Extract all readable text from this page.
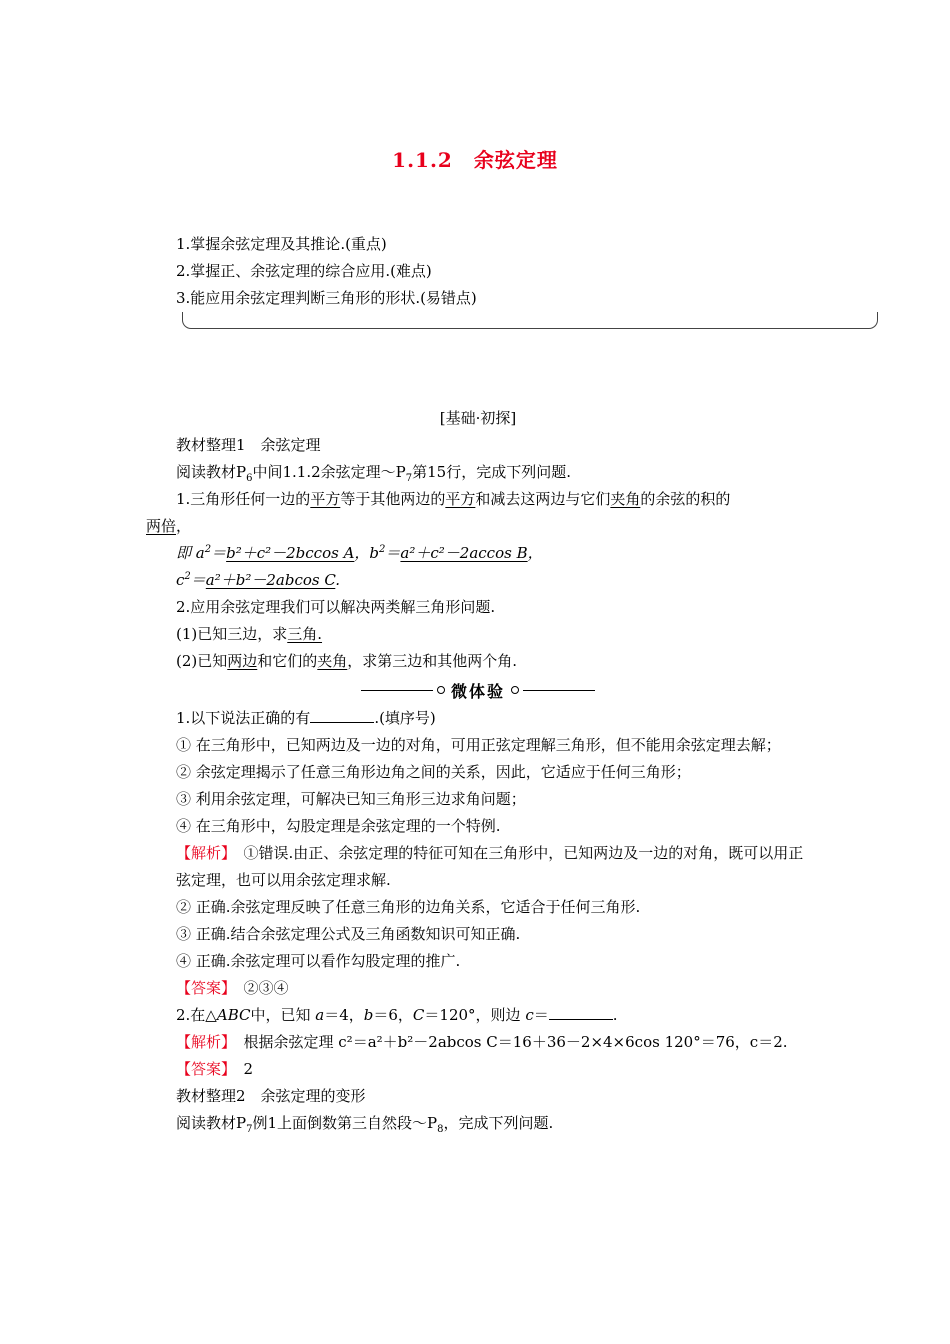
1.1.2　余弦定理
1.掌握余弦定理及其推论.(重点)
2.掌握正、余弦定理的综合应用.(难点)
3.能应用余弦定理判断三角形的形状.(易错点)
[基础·初探]
教材整理1　余弦定理
阅读教材$P_6$中间1.1.2余弦定理$\sim P_7$第15行，完成下列问题.
1.三角形任何一边的平方等于其他两边的平方和减去这两边与它们夹角的余弦的积的
两倍，
即 $a^2=b^2+c^2-2bccos$ A，$b^2=a^2+c^2-2accos$ B，
$c^2=a^2+b^2-2abcos$ C.
2.应用余弦定理我们可以解决两类解三角形问题.
(1)已知三边，求三角.
(2)已知两边和它们的夹角，求第三边和其他两个角.
微体验
1.以下说法正确的有	.(填序号)
① 在三角形中，已知两边及一边的对角，可用正弦定理解三角形，但不能用余弦定理去解；
② 余弦定理揭示了任意三角形边角之间的关系，因此，它适应于任何三角形；
③ 利用余弦定理，可解决已知三角形三边求角问题；
④ 在三角形中，勾股定理是余弦定理的一个特例.
【解析】　①错误.由正、余弦定理的特征可知在三角形中，已知两边及一边的对角，既可以用正弦定理，也可以用余弦定理求解.
② 正确.余弦定理反映了任意三角形的边角关系，它适合于任何三角形.
③ 正确.结合余弦定理公式及三角函数知识可知正确.
④ 正确.余弦定理可以看作勾股定理的推广.
【答案】　②③④
2.在△ABC中，已知 a＝4，b＝6，C＝120°，则边 c＝	.
【解析】　根据余弦定理 c²＝a²＋b²－2abcos C＝16＋36－2×4×6cos 120°＝76，c＝2.
【答案】　2
教材整理2　余弦定理的变形
阅读教材$P_7$例1上面倒数第三自然段$\sim P_8$，完成下列问题.
